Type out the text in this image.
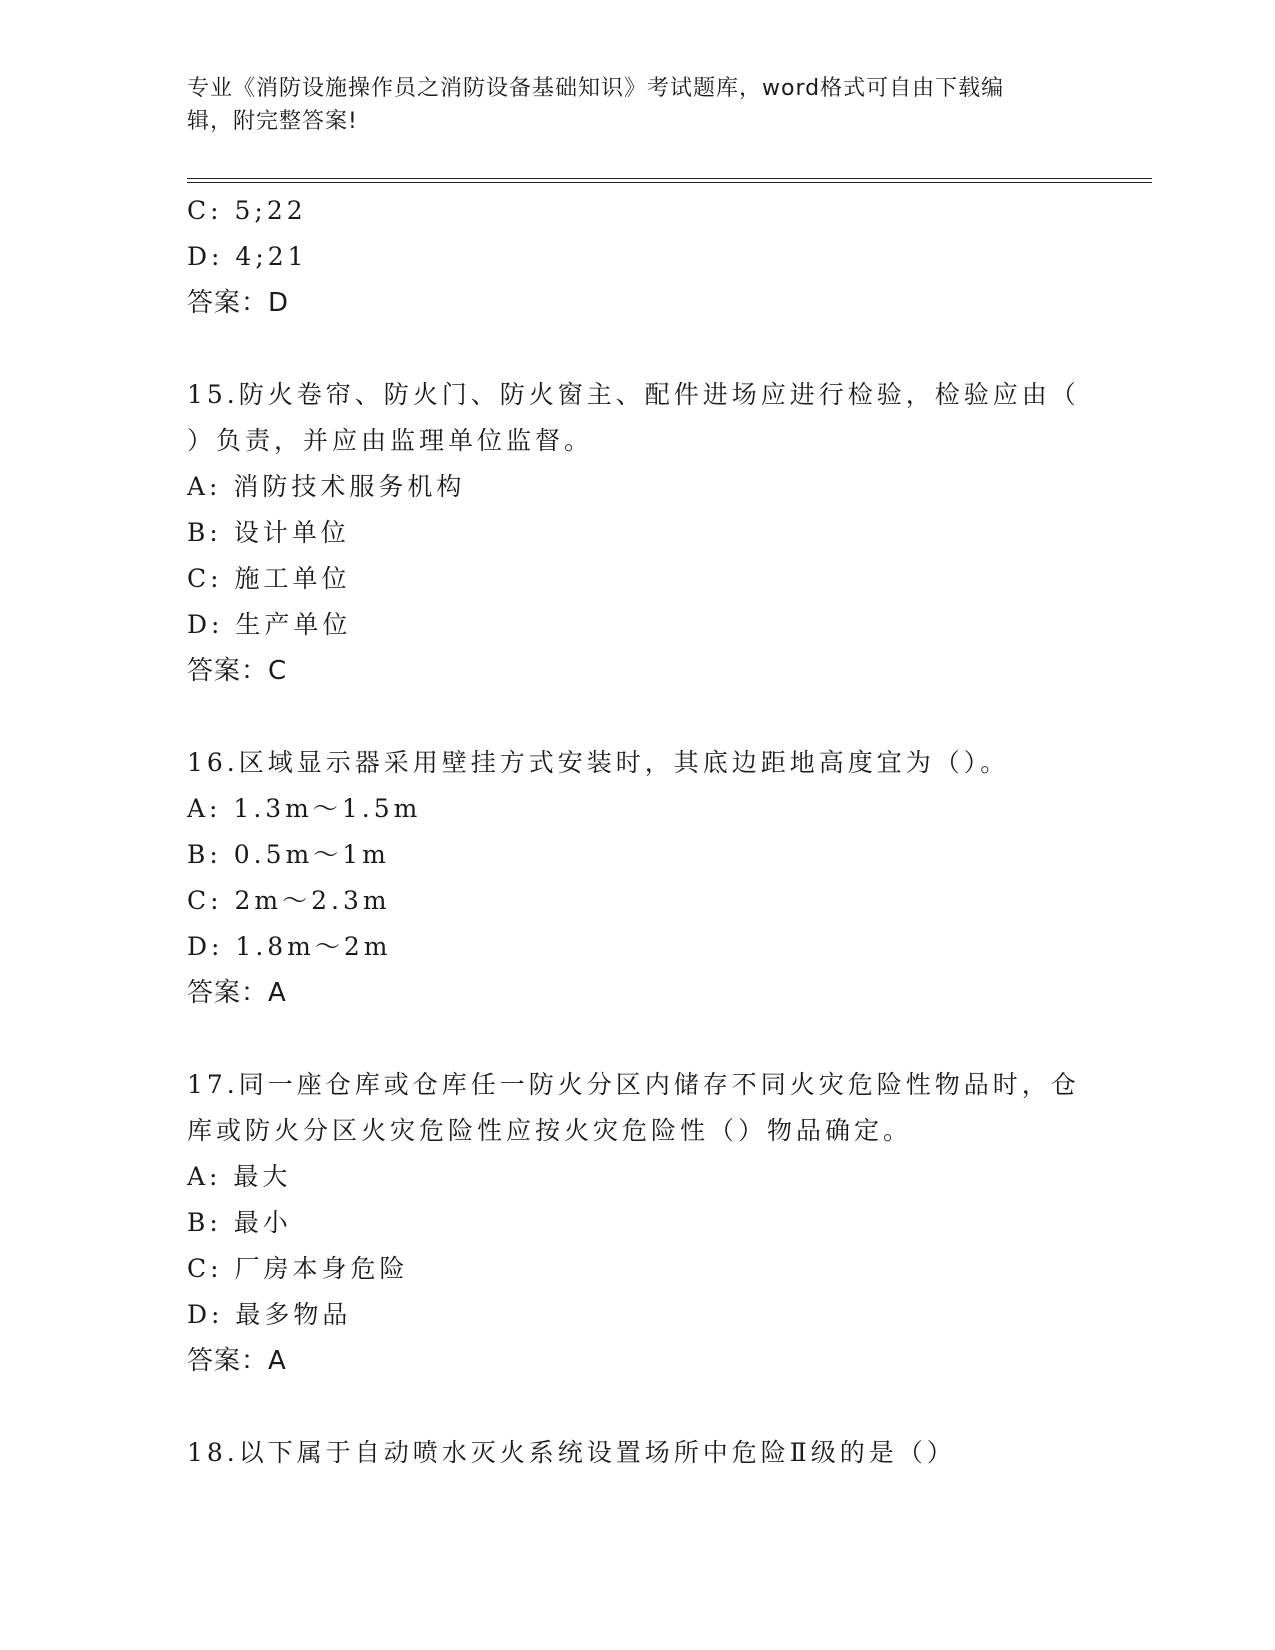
专业《消防设施操作员之消防设备基础知识》考试题库，word格式可自由下载编
辑，附完整答案!
C: 5;22
D: 4;21
答案：D
15.防火卷帘、防火门、防火窗主、配件进场应进行检验，检验应由（
）负责，并应由监理单位监督。
A: 消防技术服务机构
B: 设计单位
C: 施工单位
D: 生产单位
答案：C
16.区域显示器采用壁挂方式安装时，其底边距地高度宜为（）。
A: 1.3m～1.5m
B: 0.5m～1m
C: 2m～2.3m
D: 1.8m～2m
答案：A
17.同一座仓库或仓库任一防火分区内储存不同火灾危险性物品时，仓
库或防火分区火灾危险性应按火灾危险性（）物品确定。
A: 最大
B: 最小
C: 厂房本身危险
D: 最多物品
答案：A
18.以下属于自动喷水灭火系统设置场所中危险Ⅱ级的是（）
